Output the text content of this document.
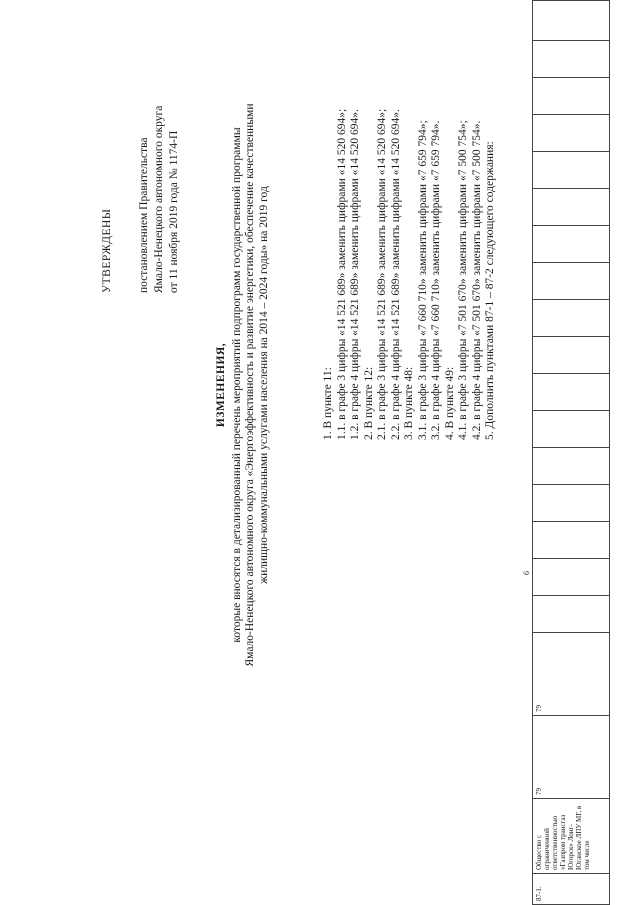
УТВЕРЖДЕНЫ постановлением Правительства Ямало-Ненецкого автономного округа от 11 ноября 2019 года № 1174-П
ИЗМЕНЕНИЯ, которые вносятся в детализированный перечень мероприятий подпрограмм государственной программы Ямало-Ненецкого автономного округа «Энергоэффективность и развитие энергетики, обеспечение качественными жилищно-коммунальными услугами населения на 2014 – 2024 годы» на 2019 год	1. В пункте 11: 1.1. в графе 3 цифры «14 521 689» заменить цифрами «14 520 694»; 1.2. в графе 4 цифры «14 521 689» заменить цифрами «14 520 694». 2. В пункте 12: 2.1. в графе 3 цифры «14 521 689» заменить цифрами «14 520 694»; 2.2. в графе 4 цифры «14 521 689» заменить цифрами «14 520 694». 3. В пункте 48: 3.1. в графе 3 цифры «7 660 710» заменить цифрами «7 659 794»; 3.2. в графе 4 цифры «7 660 710» заменить цифрами «7 659 794». 4. В пункте 49: 4.1. в графе 3 цифры «7 501 670» заменить цифрами «7 500 754»; 4.2. в графе 4 цифры «7 501 670» заменить цифрами «7 500 754». 5. Дополнить пунктами 87-1 – 87-2 следующего содержания:
6
87-1.	Общество с ограниченной ответственностью «Газпром трансгаз Югорск» Лонг-Юганское ЛПУ МГ, в том числе	79	79																	
